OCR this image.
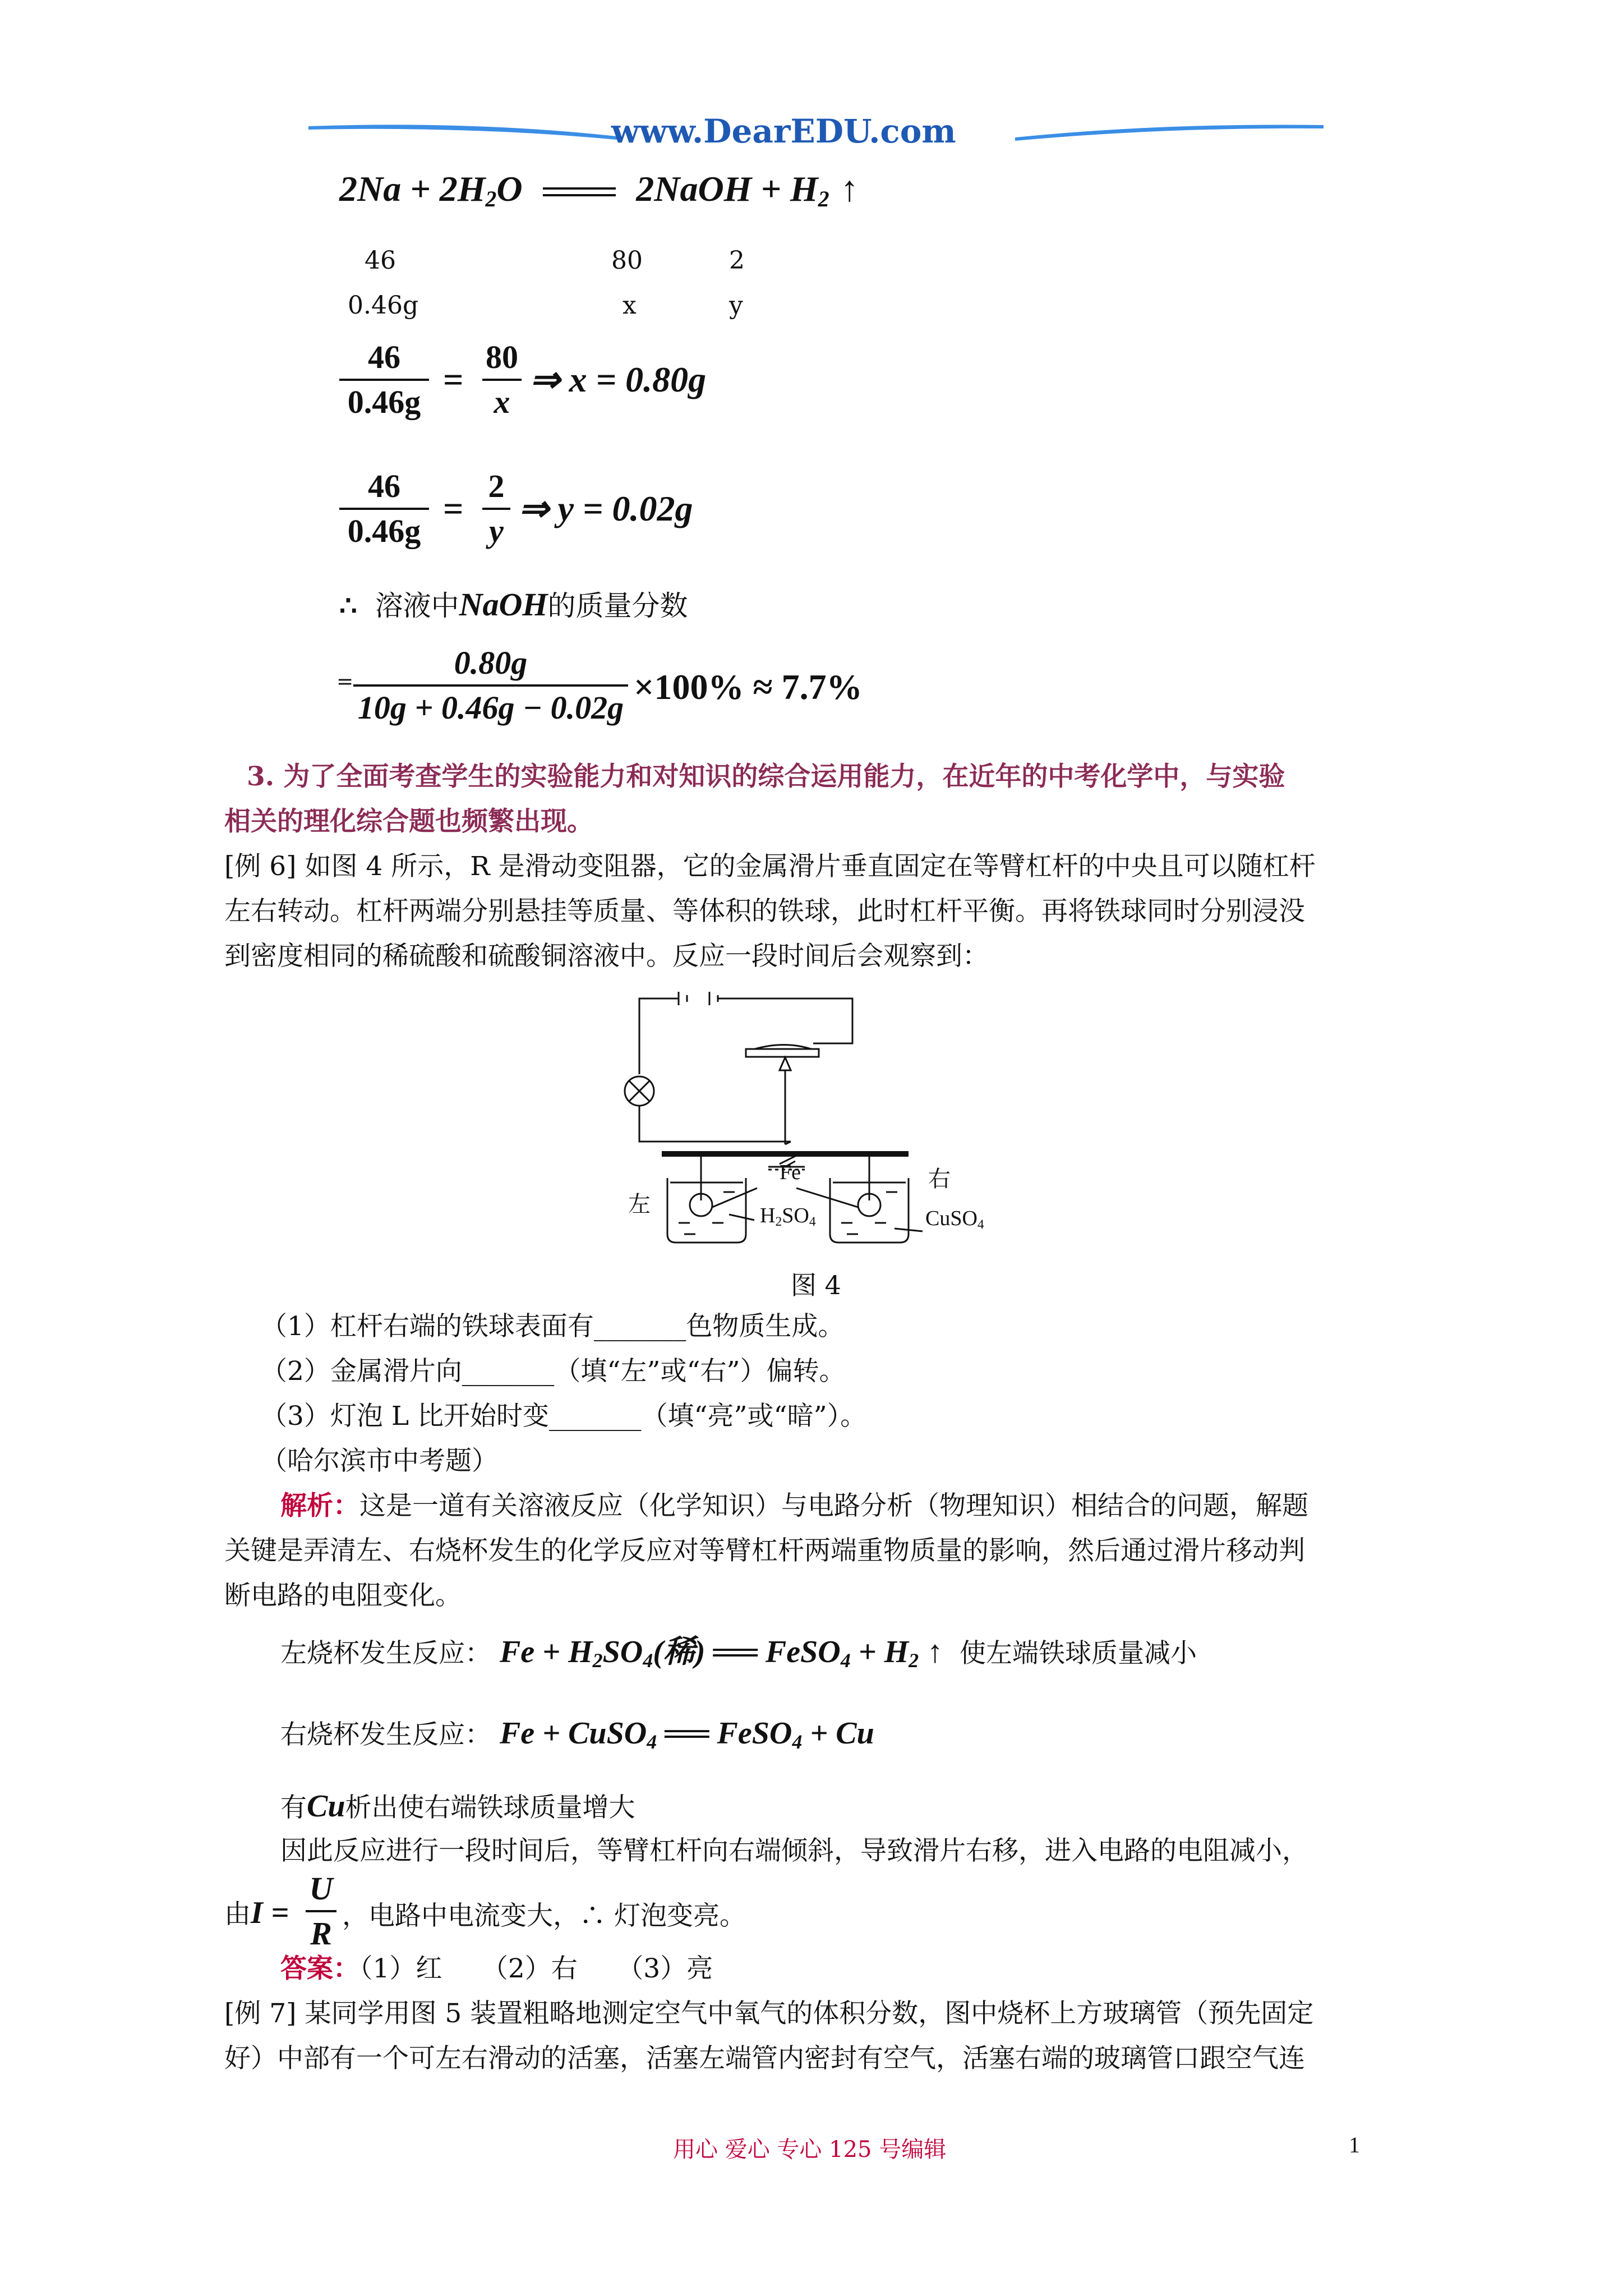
www.DearEDU.com
$2Na + 2H_2O$	2NaOH + $H_2$ ↑
46	80	2
0.46g	x	y
46
0.46g
=
80
x
⇒ x = 0.80g
46
0.46g
=
2
y
⇒ y = 0.02g
∴ 溶液中NaOH的质量分数
=
0.80g
10g + 0.46g − 0.02g
×100% ≈ 7.7%
3. 为了全面考查学生的实验能力和对知识的综合运用能力，在近年的中考化学中，与实验
相关的理化综合题也频繁出现。
[例 6] 如图 4 所示，R 是滑动变阻器，它的金属滑片垂直固定在等臂杠杆的中央且可以随杠杆
左右转动。杠杆两端分别悬挂等质量、等体积的铁球，此时杠杆平衡。再将铁球同时分别浸没
到密度相同的稀硫酸和硫酸铜溶液中。反应一段时间后会观察到：
左
右
Fe
$H_2SO_4$	CuSO$_4$
图 4
（1）杠杆右端的铁球表面有_______色物质生成。
（2）金属滑片向_______（填“左”或“右”）偏转。
（3）灯泡 L 比开始时变_______（填“亮”或“暗”）。
（哈尔滨市中考题）
解析：这是一道有关溶液反应（化学知识）与电路分析（物理知识）相结合的问题，解题
关键是弄清左、右烧杯发生的化学反应对等臂杠杆两端重物质量的影响，然后通过滑片移动判
断电路的电阻变化。
左烧杯发生反应： $Fe + H_2SO_4$(稀) ══ FeSO$_4$ + $H_2$ ↑ 使左端铁球质量减小
右烧杯发生反应： Fe + CuSO$_4$ ══ FeSO$_4$ + Cu
有Cu析出使右端铁球质量增大
因此反应进行一段时间后，等臂杠杆向右端倾斜，导致滑片右移，进入电路的电阻减小，
由I =
U
R ，电路中电流变大，∴ 灯泡变亮。
答案：（1）红　　（2）右　　（3）亮
[例 7] 某同学用图 5 装置粗略地测定空气中氧气的体积分数，图中烧杯上方玻璃管（预先固定
好）中部有一个可左右滑动的活塞，活塞左端管内密封有空气，活塞右端的玻璃管口跟空气连
用心 爱心 专心 125 号编辑	1
